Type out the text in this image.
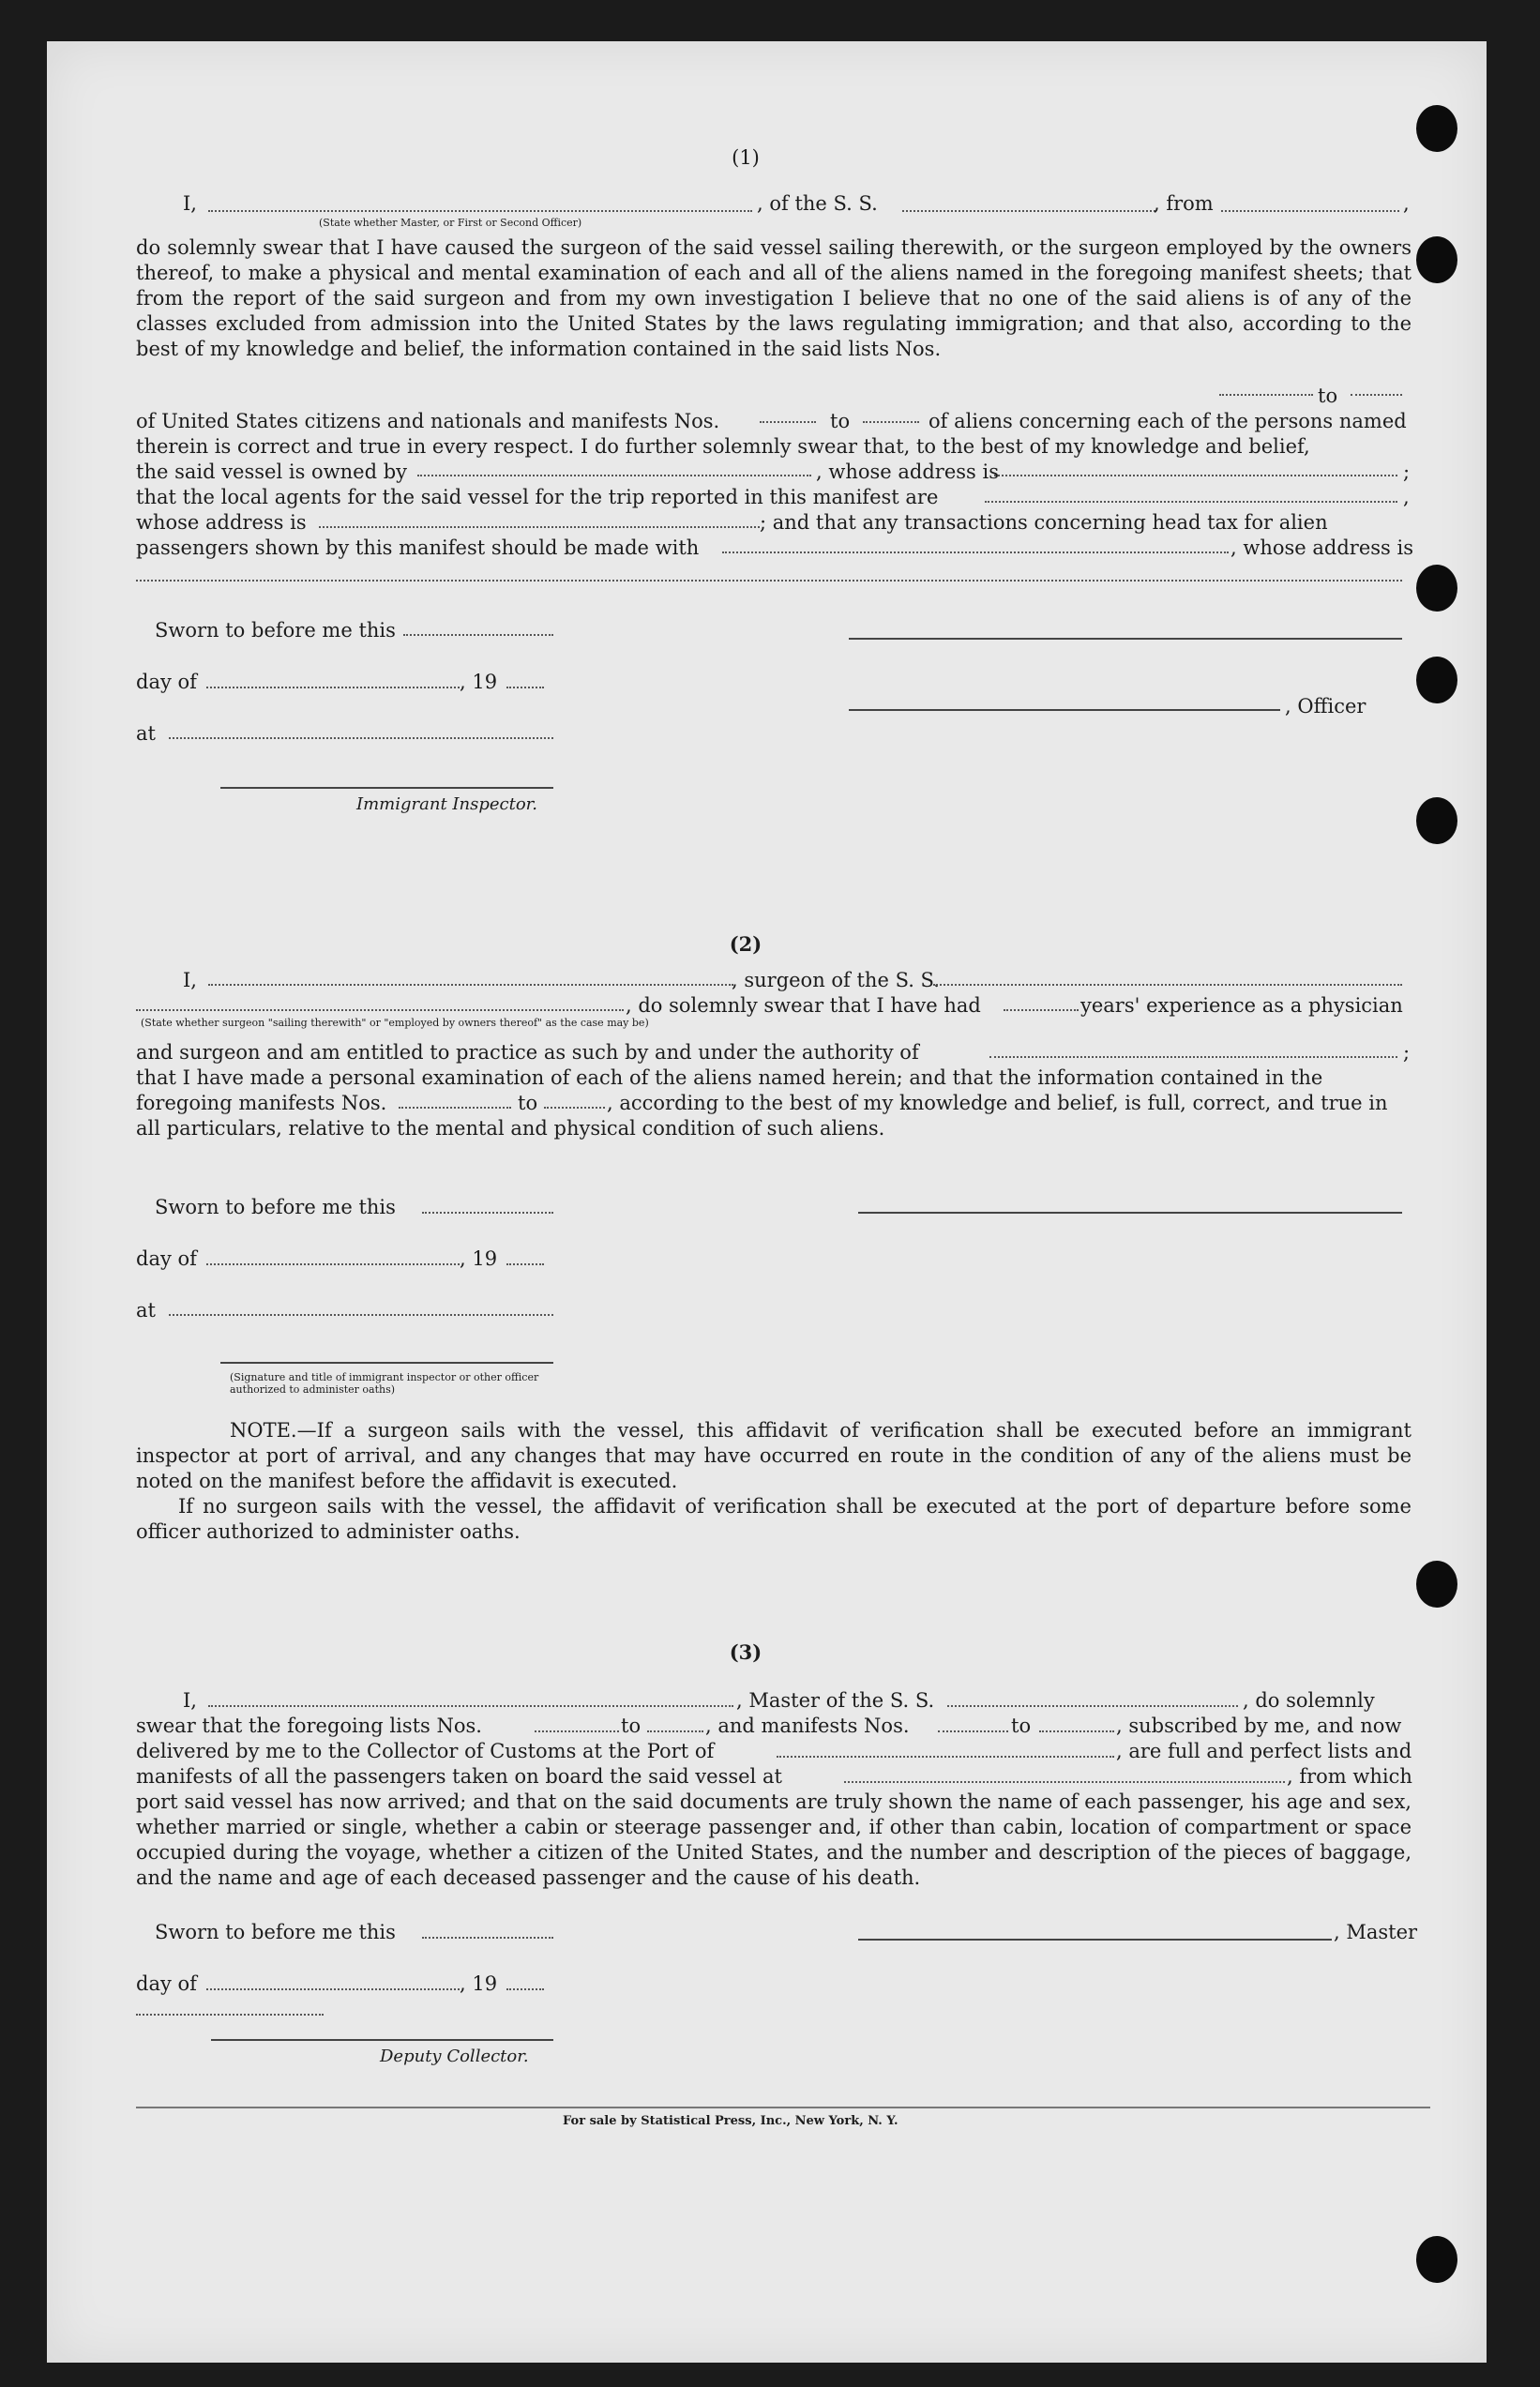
(1)
I,	, of the S. S.	, from	,
(State whether Master, or First or Second Officer)

do solemnly swear that I have caused the surgeon of the said vessel sailing therewith, or the surgeon employed by the owners thereof, to make a physical and mental examination of each and all of the aliens named in the foregoing manifest sheets; that from the report of the said surgeon and from my own investigation I believe that no one of the said aliens is of any of the classes excluded from admission into the United States by the laws regulating immigration; and that also, according to the best of my knowledge and belief, the information contained in the said lists Nos.

to
of United States citizens and nationals and manifests Nos.	to	of aliens concerning each of the persons named
therein is correct and true in every respect. I do further solemnly swear that, to the best of my knowledge and belief,
the said vessel is owned by	, whose address is	;
that the local agents for the said vessel for the trip reported in this manifest are	,
whose address is	; and that any transactions concerning head tax for alien
passengers shown by this manifest should be made with	, whose address is
Sworn to before me this
day of	, 19
, Officer
at
Immigrant Inspector.
(2)
I,	, surgeon of the S. S.
, do solemnly swear that I have had	years' experience as a physician
(State whether surgeon "sailing therewith" or "employed by owners thereof" as the case may be)
and surgeon and am entitled to practice as such by and under the authority of	;
that I have made a personal examination of each of the aliens named herein; and that the information contained in the
foregoing manifests Nos.	to	, according to the best of my knowledge and belief, is full, correct, and true in
all particulars, relative to the mental and physical condition of such aliens.
Sworn to before me this
day of	, 19
at
(Signature and title of immigrant inspector or other officer authorized to administer oaths)

NOTE.—If a surgeon sails with the vessel, this affidavit of verification shall be executed before an immigrant inspector at port of arrival, and any changes that may have occurred en route in the condition of any of the aliens must be noted on the manifest before the affidavit is executed.

If no surgeon sails with the vessel, the affidavit of verification shall be executed at the port of departure before some officer authorized to administer oaths.

(3)
I,	, Master of the S. S.	, do solemnly
swear that the foregoing lists Nos.	to	, and manifests Nos.	to	, subscribed by me, and now
delivered by me to the Collector of Customs at the Port of	, are full and perfect lists and
manifests of all the passengers taken on board the said vessel at	, from which

port said vessel has now arrived; and that on the said documents are truly shown the name of each passenger, his age and sex, whether married or single, whether a cabin or steerage passenger and, if other than cabin, location of compartment or space occupied during the voyage, whether a citizen of the United States, and the number and description of the pieces of baggage, and the name and age of each deceased passenger and the cause of his death.

Sworn to before me this	, Master
day of	, 19
Deputy Collector.
For sale by Statistical Press, Inc., New York, N. Y.
